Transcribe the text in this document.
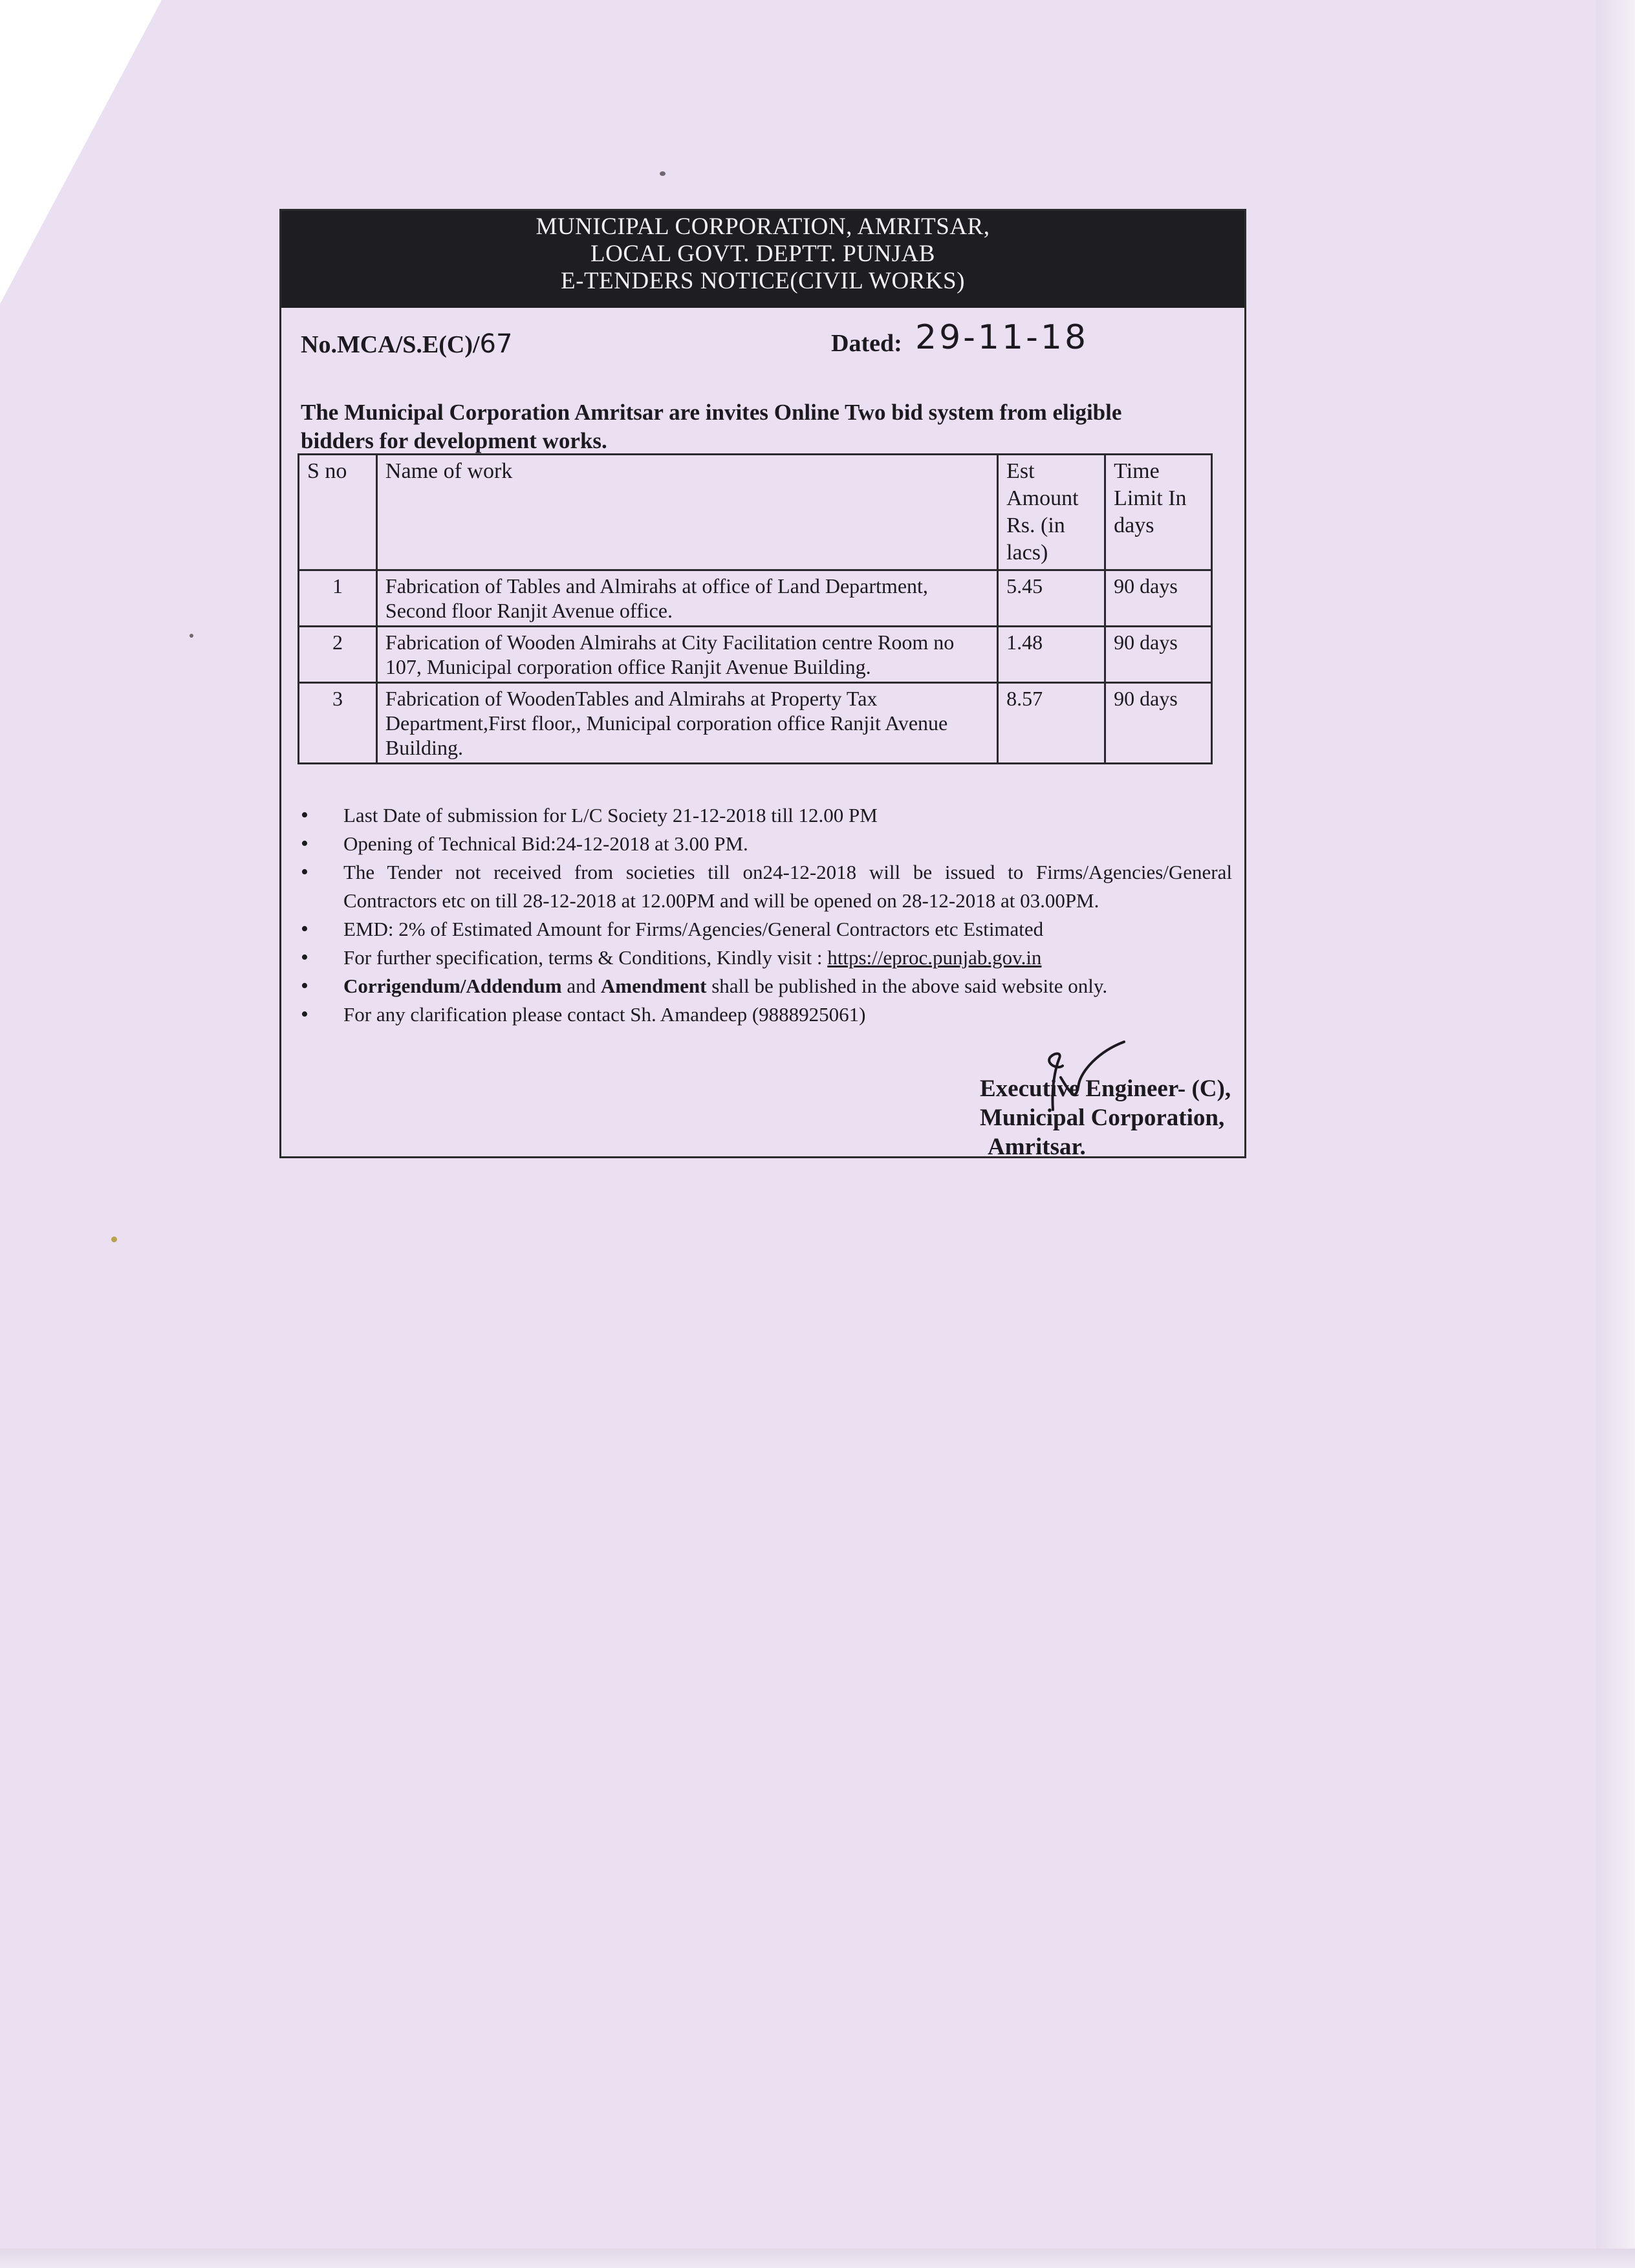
MUNICIPAL CORPORATION, AMRITSAR,
LOCAL GOVT. DEPTT. PUNJAB
E-TENDERS NOTICE(CIVIL WORKS)
No.MCA/S.E(C)/67	Dated: 29-11-18
The Municipal Corporation Amritsar are invites Online Two bid system from eligible
bidders for development works.
S no	Name of work	Est Amount Rs. (in lacs)	Time Limit In days
1	Fabrication of Tables and Almirahs at office of Land Department, Second floor Ranjit Avenue office.	5.45	90 days
2	Fabrication of Wooden Almirahs at City Facilitation centre Room no 107, Municipal corporation office Ranjit Avenue Building.	1.48	90 days
3	Fabrication of WoodenTables and Almirahs at Property Tax Department,First floor,, Municipal corporation office Ranjit Avenue Building.	8.57	90 days
• Last Date of submission for L/C Society 21-12-2018 till 12.00 PM
• Opening of Technical Bid:24-12-2018 at 3.00 PM.
• The Tender not received from societies till on24-12-2018 will be issued to Firms/Agencies/General Contractors etc on till 28-12-2018 at 12.00PM and will be opened on 28-12-2018 at 03.00PM.
• EMD: 2% of Estimated Amount for Firms/Agencies/General Contractors etc Estimated
• For further specification, terms & Conditions, Kindly visit : https://eproc.punjab.gov.in
• Corrigendum/Addendum and Amendment shall be published in the above said website only.
• For any clarification please contact Sh. Amandeep (9888925061)
Executive Engineer- (C),
Municipal Corporation,
Amritsar.
